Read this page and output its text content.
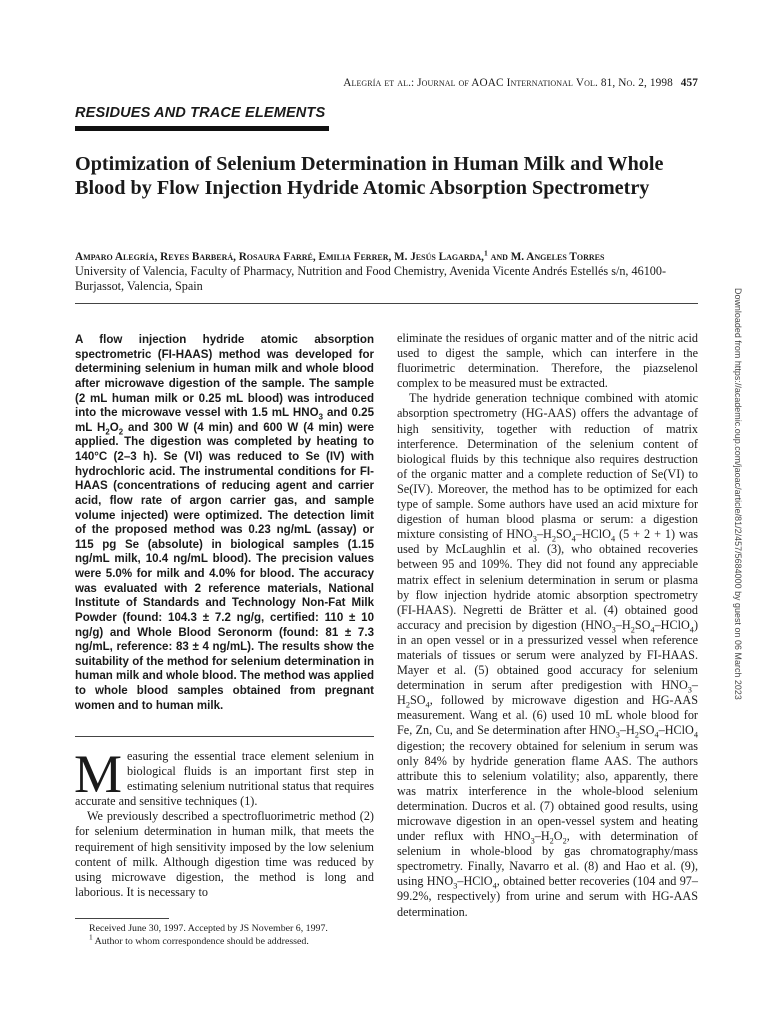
Alegría et al.: Journal of AOAC International Vol. 81, No. 2, 1998 457
RESIDUES AND TRACE ELEMENTS
Optimization of Selenium Determination in Human Milk and Whole Blood by Flow Injection Hydride Atomic Absorption Spectrometry
Amparo Alegría, Reyes Barberá, Rosaura Farré, Emilia Ferrer, M. Jesús Lagarda,$^1$ and M. Angeles Torres
University of Valencia, Faculty of Pharmacy, Nutrition and Food Chemistry, Avenida Vicente Andrés Estellés s/n, 46100-Burjassot, Valencia, Spain

A flow injection hydride atomic absorption spectrometric (FI-HAAS) method was developed for determining selenium in human milk and whole blood after microwave digestion of the sample. The sample (2 mL human milk or 0.25 mL blood) was introduced into the microwave vessel with 1.5 mL $HNO_3$ and 0.25 mL $H_2O_2$ and 300 W (4 min) and 600 W (4 min) were applied. The digestion was completed by heating to 140°C (2–3 h). Se (VI) was reduced to Se (IV) with hydrochloric acid. The instrumental conditions for FI-HAAS (concentrations of reducing agent and carrier acid, flow rate of argon carrier gas, and sample volume injected) were optimized. The detection limit of the proposed method was 0.23 ng/mL (assay) or 115 pg Se (absolute) in biological samples (1.15 ng/mL milk, 10.4 ng/mL blood). The precision values were 5.0% for milk and 4.0% for blood. The accuracy was evaluated with 2 reference materials, National Institute of Standards and Technology Non-Fat Milk Powder (found: 104.3 ± 7.2 ng/g, certified: 110 ± 10 ng/g) and Whole Blood Seronorm (found: 81 ± 7.3 ng/mL, reference: 83 ± 4 ng/mL). The results show the suitability of the method for selenium determination in human milk and whole blood. The method was applied to whole blood samples obtained from pregnant women and to human milk.

Measuring the essential trace element selenium in biological fluids is an important first step in estimating selenium nutritional status that requires accurate and sensitive techniques (1).

We previously described a spectrofluorimetric method (2) for selenium determination in human milk, that meets the requirement of high sensitivity imposed by the low selenium content of milk. Although digestion time was reduced by using microwave digestion, the method is long and laborious. It is necessary to

Received June 30, 1997. Accepted by JS November 6, 1997.

$^1$ Author to whom correspondence should be addressed.

eliminate the residues of organic matter and of the nitric acid used to digest the sample, which can interfere in the fluorimetric determination. Therefore, the piazselenol complex to be measured must be extracted.

The hydride generation technique combined with atomic absorption spectrometry (HG-AAS) offers the advantage of high sensitivity, together with reduction of matrix interference. Determination of the selenium content of biological fluids by this technique also requires destruction of the organic matter and a complete reduction of Se(VI) to Se(IV). Moreover, the method has to be optimized for each type of sample. Some authors have used an acid mixture for digestion of human blood plasma or serum: a digestion mixture consisting of $HNO_3-H_2SO_4-HClO_4$ (5 + 2 + 1) was used by McLaughlin et al. (3), who obtained recoveries between 95 and 109%. They did not found any appreciable matrix effect in selenium determination in serum or plasma by flow injection hydride atomic absorption spectrometry (FI-HAAS). Negretti de Brätter et al. (4) obtained good accuracy and precision by digestion $(HNO_3-H_2SO_4-HClO_4)$ in an open vessel or in a pressurized vessel when reference materials of tissues or serum were analyzed by FI-HAAS. Mayer et al. (5) obtained good accuracy for selenium determination in serum after predigestion with $HNO_3-H_2SO_4$, followed by microwave digestion and HG-AAS measurement. Wang et al. (6) used 10 mL whole blood for Fe, Zn, Cu, and Se determination after $HNO_3-H_2SO_4-HClO_4$ digestion; the recovery obtained for selenium in serum was only 84% by hydride generation flame AAS. The authors attribute this to selenium volatility; also, apparently, there was matrix interference in the whole-blood selenium determination. Ducros et al. (7) obtained good results, using microwave digestion in an open-vessel system and heating under reflux with $HNO_3-H_2O_2$, with determination of selenium in whole-blood by gas chromatography/mass spectrometry. Finally, Navarro et al. (8) and Hao et al. (9), using $HNO_3-HClO_4$, obtained better recoveries (104 and 97–99.2%, respectively) from urine and serum with HG-AAS determination.

Downloaded from https://academic.oup.com/jaoac/article/81/2/457/5684000 by guest on 06 March 2023
